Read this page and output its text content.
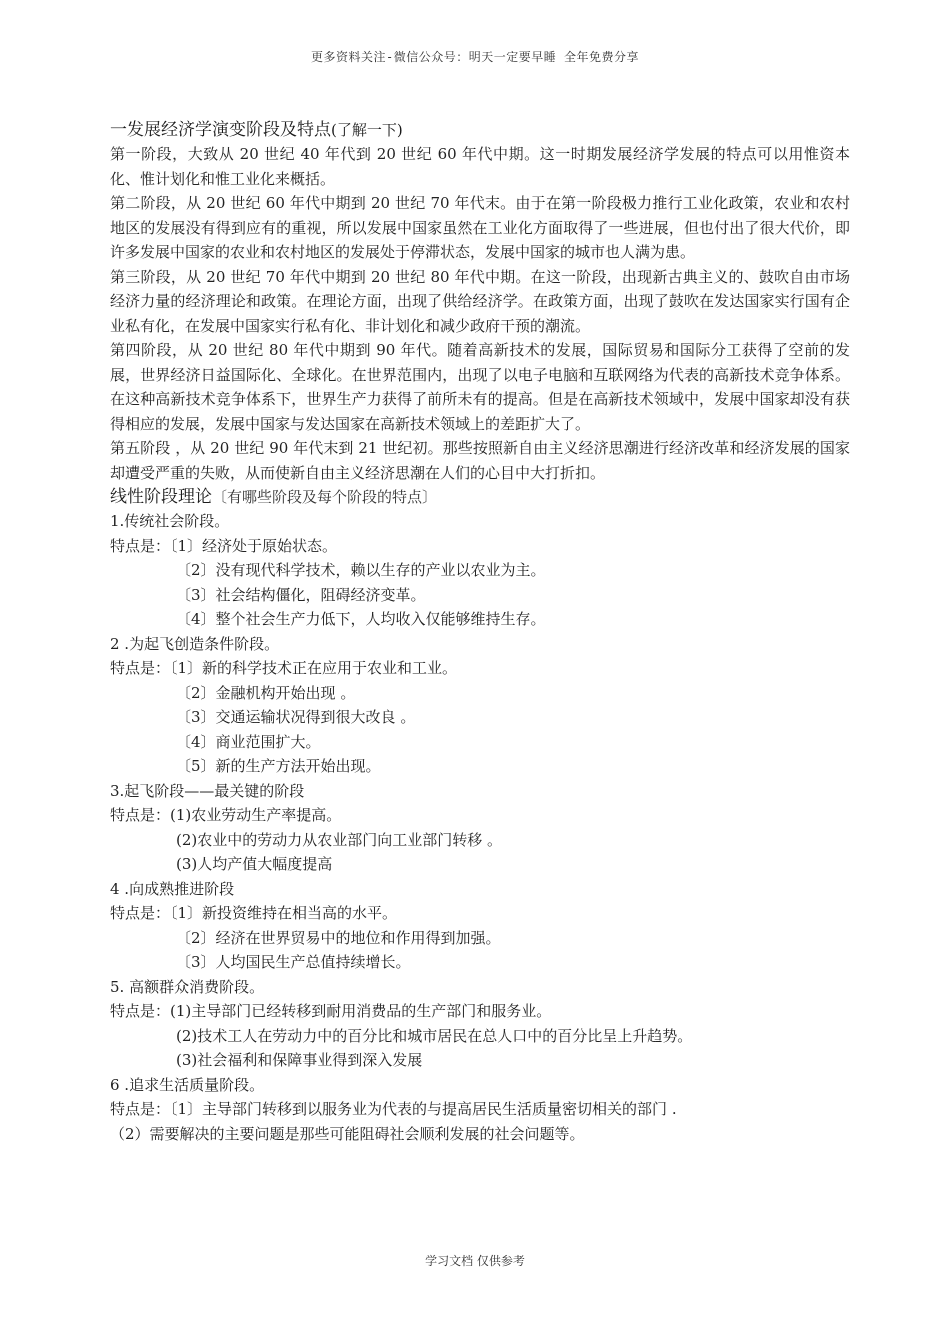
更多资料关注-微信公众号：明天一定要早睡 全年免费分享
一发展经济学演变阶段及特点(了解一下)

第一阶段，大致从 20 世纪 40 年代到 20 世纪 60 年代中期。这一时期发展经济学发展的特点可以用惟资本化、惟计划化和惟工业化来概括。

第二阶段，从 20 世纪 60 年代中期到 20 世纪 70 年代末。由于在第一阶段极力推行工业化政策，农业和农村地区的发展没有得到应有的重视，所以发展中国家虽然在工业化方面取得了一些进展，但也付出了很大代价，即许多发展中国家的农业和农村地区的发展处于停滞状态，发展中国家的城市也人满为患。

第三阶段，从 20 世纪 70 年代中期到 20 世纪 80 年代中期。在这一阶段，出现新古典主义的、鼓吹自由市场经济力量的经济理论和政策。在理论方面，出现了供给经济学。在政策方面，出现了鼓吹在发达国家实行国有企业私有化，在发展中国家实行私有化、非计划化和减少政府干预的潮流。

第四阶段，从 20 世纪 80 年代中期到 90 年代。随着高新技术的发展，国际贸易和国际分工获得了空前的发展，世界经济日益国际化、全球化。在世界范围内，出现了以电子电脑和互联网络为代表的高新技术竞争体系。在这种高新技术竞争体系下，世界生产力获得了前所未有的提高。但是在高新技术领域中，发展中国家却没有获得相应的发展，发展中国家与发达国家在高新技术领域上的差距扩大了。

第五阶段 ，从 20 世纪 90 年代末到 21 世纪初。那些按照新自由主义经济思潮进行经济改革和经济发展的国家却遭受严重的失败，从而使新自由主义经济思潮在人们的心目中大打折扣。

线性阶段理论〔有哪些阶段及每个阶段的特点〕
1.传统社会阶段。
特点是：〔1〕经济处于原始状态。
〔2〕没有现代科学技术，赖以生存的产业以农业为主。
〔3〕社会结构僵化，阻碍经济变革。
〔4〕整个社会生产力低下，人均收入仅能够维持生存。
2 .为起飞创造条件阶段。
特点是：〔1〕新的科学技术正在应用于农业和工业。
〔2〕金融机构开始出现 。
〔3〕交通运输状况得到很大改良 。
〔4〕商业范围扩大。
〔5〕新的生产方法开始出现。
3.起飞阶段——最关键的阶段
特点是：(1)农业劳动生产率提高。
(2)农业中的劳动力从农业部门向工业部门转移 。
(3)人均产值大幅度提高
4 .向成熟推进阶段
特点是：〔1〕新投资维持在相当高的水平。
〔2〕经济在世界贸易中的地位和作用得到加强。
〔3〕人均国民生产总值持续增长。
5. 高额群众消费阶段。
特点是：(1)主导部门已经转移到耐用消费品的生产部门和服务业。
(2)技术工人在劳动力中的百分比和城市居民在总人口中的百分比呈上升趋势。
(3)社会福利和保障事业得到深入发展
6 .追求生活质量阶段。
特点是：〔1〕主导部门转移到以服务业为代表的与提高居民生活质量密切相关的部门 .
（2）需要解决的主要问题是那些可能阻碍社会顺利发展的社会问题等。
学习文档 仅供参考
